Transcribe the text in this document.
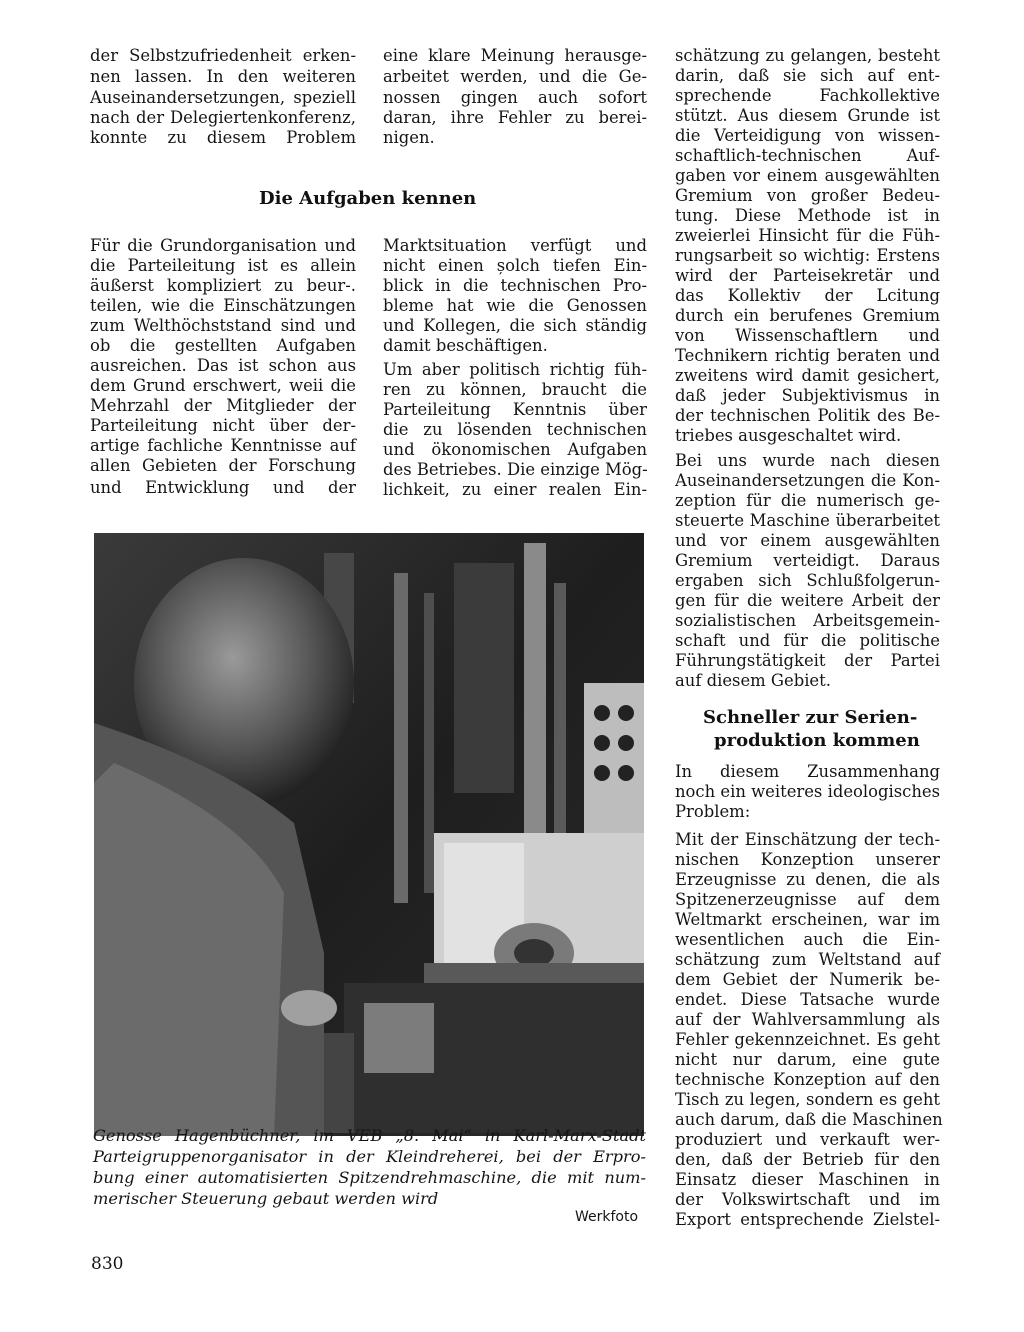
der Selbstzufriedenheit erken-
nen lassen. In den weiteren
Auseinandersetzungen, speziell
nach der Delegiertenkonferenz,
konnte zu diesem Problem
eine klare Meinung herausge-
arbeitet werden, und die Ge-
nossen gingen auch sofort
daran, ihre Fehler zu berei-
nigen.
Die Aufgaben kennen
Für die Grundorganisation und
die Parteileitung ist es allein
äußerst kompliziert zu beur-.
teilen, wie die Einschätzungen
zum Welthöchststand sind und
ob die gestellten Aufgaben
ausreichen. Das ist schon aus
dem Grund erschwert, weii die
Mehrzahl der Mitglieder der
Parteileitung nicht über der-
artige fachliche Kenntnisse auf
allen Gebieten der Forschung
und Entwicklung und der
Marktsituation verfügt und
nicht einen șolch tiefen Ein-
blick in die technischen Pro-
bleme hat wie die Genossen
und Kollegen, die sich ständig
damit beschäftigen.
Um aber politisch richtig füh-
ren zu können, braucht die
Parteileitung Kenntnis über
die zu lösenden technischen
und ökonomischen Aufgaben
des Betriebes. Die einzige Mög-
lichkeit, zu einer realen Ein-
schätzung zu gelangen, besteht
darin, daß sie sich auf ent-
sprechende Fachkollektive
stützt. Aus diesem Grunde ist
die Verteidigung von wissen-
schaftlich-technischen Auf-
gaben vor einem ausgewählten
Gremium von großer Bedeu-
tung. Diese Methode ist in
zweierlei Hinsicht für die Füh-
rungsarbeit so wichtig: Erstens
wird der Parteisekretär und
das Kollektiv der Lcitung
durch ein berufenes Gremium
von Wissenschaftlern und
Technikern richtig beraten und
zweitens wird damit gesichert,
daß jeder Subjektivismus in
der technischen Politik des Be-
triebes ausgeschaltet wird.
Bei uns wurde nach diesen
Auseinandersetzungen die Kon-
zeption für die numerisch ge-
steuerte Maschine überarbeitet
und vor einem ausgewählten
Gremium verteidigt. Daraus
ergaben sich Schlußfolgerun-
gen für die weitere Arbeit der
sozialistischen Arbeitsgemein-
schaft und für die politische
Führungstätigkeit der Partei
auf diesem Gebiet.
Schneller zur Serien-
produktion kommen
In diesem Zusammenhang
noch ein weiteres ideologisches
Problem:
Mit der Einschätzung der tech-
nischen Konzeption unserer
Erzeugnisse zu denen, die als
Spitzenerzeugnisse auf dem
Weltmarkt erscheinen, war im
wesentlichen auch die Ein-
schätzung zum Weltstand auf
dem Gebiet der Numerik be-
endet. Diese Tatsache wurde
auf der Wahlversammlung als
Fehler gekennzeichnet. Es geht
nicht nur darum, eine gute
technische Konzeption auf den
Tisch zu legen, sondern es geht
auch darum, daß die Maschinen
produziert und verkauft wer-
den, daß der Betrieb für den
Einsatz dieser Maschinen in
der Volkswirtschaft und im
Export entsprechende Zielstel-
Genosse Hagenbüchner, im VEB „8. Mai“ in Karl-Marx-Stadt
Parteigruppenorganisator in der Kleindreherei, bei der Erpro-
bung einer automatisierten Spitzendrehmaschine, die mit num-
merischer Steuerung gebaut werden wird
Werkfoto
830
